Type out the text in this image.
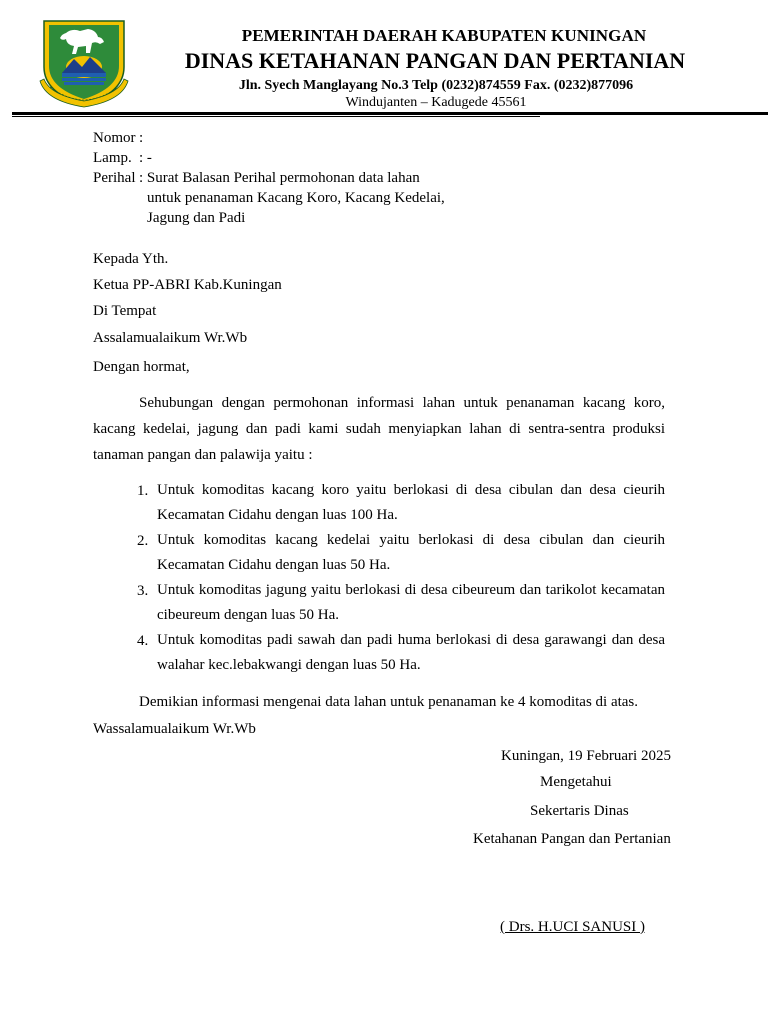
PEMERINTAH DAERAH KABUPATEN KUNINGAN
DINAS KETAHANAN PANGAN DAN PERTANIAN
Jln. Syech Manglayang No.3 Telp (0232)874559 Fax. (0232)877096
Windujanten – Kadugede 45561
Nomor :
Lamp. : -
Perihal : Surat Balasan Perihal permohonan data lahan
untuk penanaman Kacang Koro, Kacang Kedelai,
Jagung dan Padi
Kepada Yth.
Ketua PP-ABRI Kab.Kuningan
Di Tempat
Assalamualaikum Wr.Wb
Dengan hormat,
Sehubungan dengan permohonan informasi lahan untuk penanaman kacang koro, kacang kedelai, jagung dan padi kami sudah menyiapkan lahan di sentra-sentra produksi tanaman pangan dan palawija yaitu :
1. Untuk komoditas kacang koro yaitu berlokasi di desa cibulan dan desa cieurih Kecamatan Cidahu dengan luas 100 Ha.
2. Untuk komoditas kacang kedelai yaitu berlokasi di desa cibulan dan cieurih Kecamatan Cidahu dengan luas 50 Ha.
3. Untuk komoditas jagung yaitu berlokasi di desa cibeureum dan tarikolot kecamatan cibeureum dengan luas 50 Ha.
4. Untuk komoditas padi sawah dan padi huma berlokasi di desa garawangi dan desa walahar kec.lebakwangi dengan luas 50 Ha.
Demikian informasi mengenai data lahan untuk penanaman ke 4 komoditas di atas.
Wassalamualaikum Wr.Wb
Kuningan, 19 Februari 2025
Mengetahui
Sekertaris Dinas
Ketahanan Pangan dan Pertanian
( Drs. H.UCI SANUSI )
